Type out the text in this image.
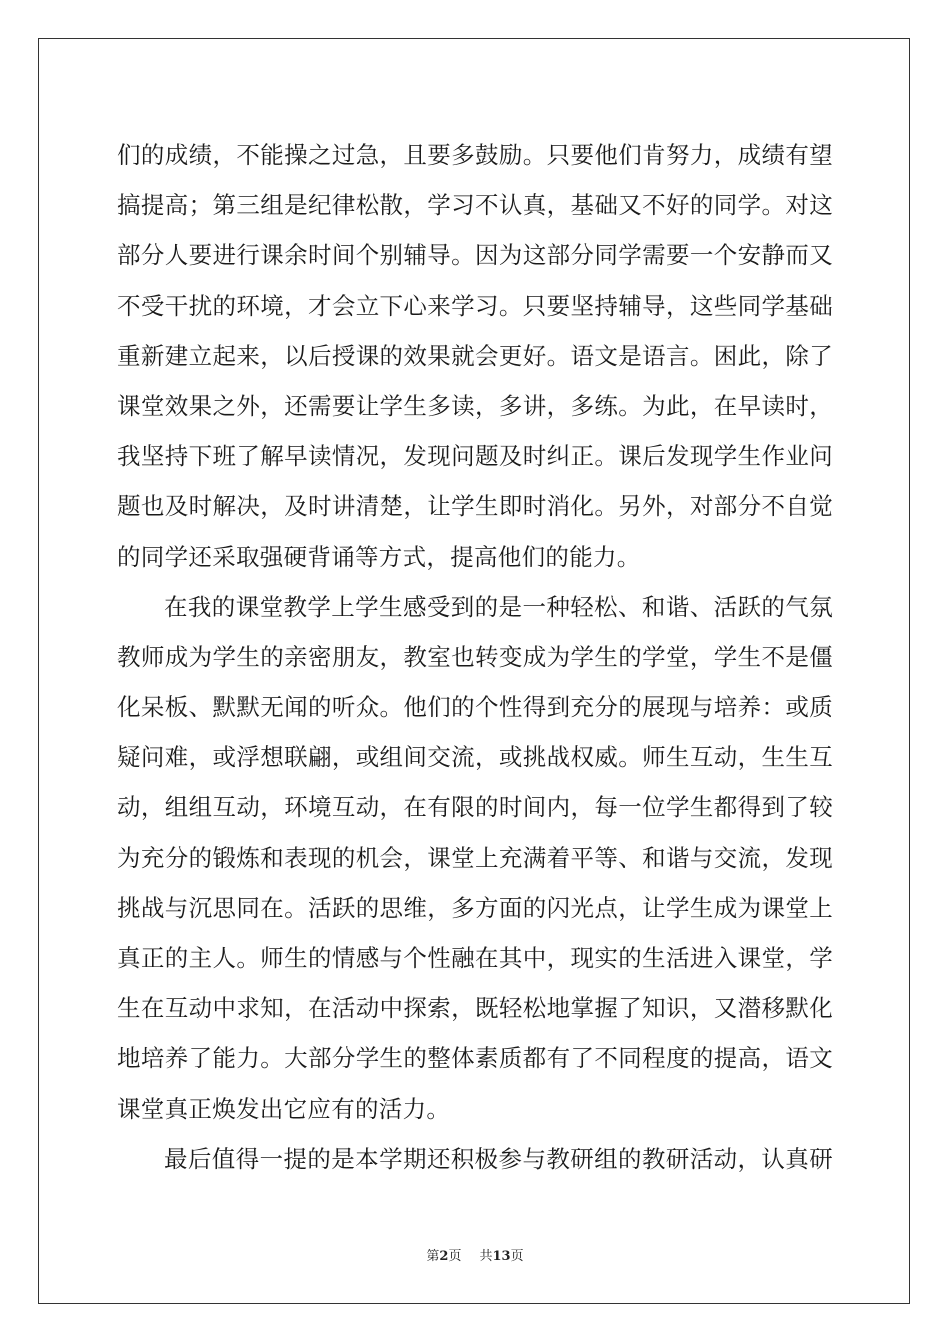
们的成绩，不能操之过急，且要多鼓励。只要他们肯努力，成绩有望
搞提高；第三组是纪律松散，学习不认真，基础又不好的同学。对这
部分人要进行课余时间个别辅导。因为这部分同学需要一个安静而又
不受干扰的环境，才会立下心来学习。只要坚持辅导，这些同学基础
重新建立起来，以后授课的效果就会更好。语文是语言。困此，除了
课堂效果之外，还需要让学生多读，多讲，多练。为此，在早读时，
我坚持下班了解早读情况，发现问题及时纠正。课后发现学生作业问
题也及时解决，及时讲清楚，让学生即时消化。另外，对部分不自觉
的同学还采取强硬背诵等方式，提高他们的能力。
在我的课堂教学上学生感受到的是一种轻松、和谐、活跃的气氛
教师成为学生的亲密朋友，教室也转变成为学生的学堂，学生不是僵
化呆板、默默无闻的听众。他们的个性得到充分的展现与培养：或质
疑问难，或浮想联翩，或组间交流，或挑战权威。师生互动，生生互
动，组组互动，环境互动，在有限的时间内，每一位学生都得到了较
为充分的锻炼和表现的机会，课堂上充满着平等、和谐与交流，发现
挑战与沉思同在。活跃的思维，多方面的闪光点，让学生成为课堂上
真正的主人。师生的情感与个性融在其中，现实的生活进入课堂，学
生在互动中求知，在活动中探索，既轻松地掌握了知识，又潜移默化
地培养了能力。大部分学生的整体素质都有了不同程度的提高，语文
课堂真正焕发出它应有的活力。
最后值得一提的是本学期还积极参与教研组的教研活动，认真研
第2页 共13页
